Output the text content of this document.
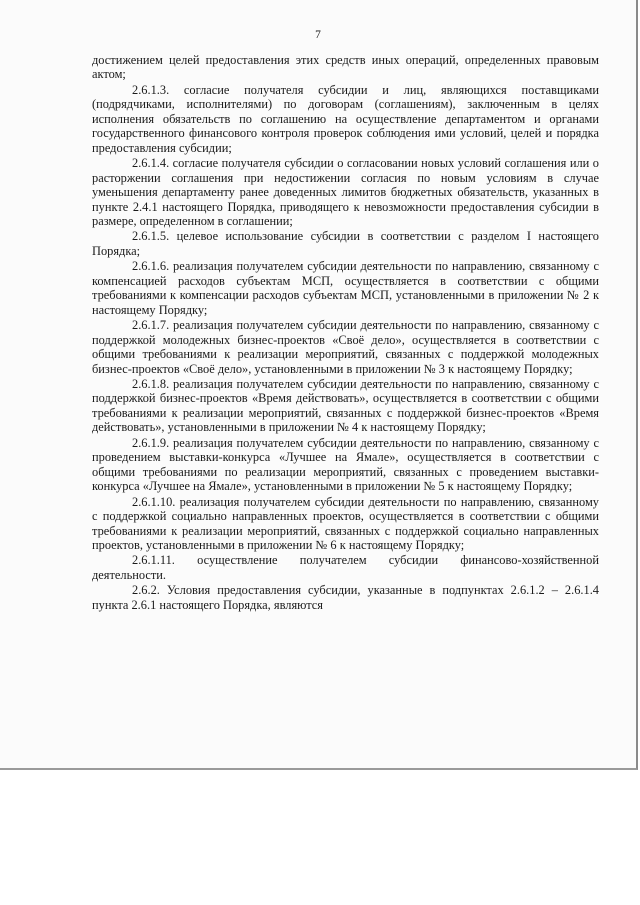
7

достижением целей предоставления этих средств иных операций, определенных правовым актом;

2.6.1.3. согласие получателя субсидии и лиц, являющихся поставщиками (подрядчиками, исполнителями) по договорам (соглашениям), заключенным в целях исполнения обязательств по соглашению на осуществление департаментом и органами государственного финансового контроля проверок соблюдения ими условий, целей и порядка предоставления субсидии;

2.6.1.4. согласие получателя субсидии о согласовании новых условий соглашения или о расторжении соглашения при недостижении согласия по новым условиям в случае уменьшения департаменту ранее доведенных лимитов бюджетных обязательств, указанных в пункте 2.4.1 настоящего Порядка, приводящего к невозможности предоставления субсидии в размере, определенном в соглашении;

2.6.1.5. целевое использование субсидии в соответствии с разделом I настоящего Порядка;

2.6.1.6. реализация получателем субсидии деятельности по направлению, связанному с компенсацией расходов субъектам МСП, осуществляется в соответствии с общими требованиями к компенсации расходов субъектам МСП, установленными в приложении № 2 к настоящему Порядку;

2.6.1.7. реализация получателем субсидии деятельности по направлению, связанному с поддержкой молодежных бизнес-проектов «Своё дело», осуществляется в соответствии с общими требованиями к реализации мероприятий, связанных с поддержкой молодежных бизнес-проектов «Своё дело», установленными в приложении № 3 к настоящему Порядку;

2.6.1.8. реализация получателем субсидии деятельности по направлению, связанному с поддержкой бизнес-проектов «Время действовать», осуществляется в соответствии с общими требованиями к реализации мероприятий, связанных с поддержкой бизнес-проектов «Время действовать», установленными в приложении № 4 к настоящему Порядку;

2.6.1.9. реализация получателем субсидии деятельности по направлению, связанному с проведением выставки-конкурса «Лучшее на Ямале», осуществляется в соответствии с общими требованиями по реализации мероприятий, связанных с проведением выставки-конкурса «Лучшее на Ямале», установленными в приложении № 5 к настоящему Порядку;

2.6.1.10. реализация получателем субсидии деятельности по направлению, связанному с поддержкой социально направленных проектов, осуществляется в соответствии с общими требованиями к реализации мероприятий, связанных с поддержкой социально направленных проектов, установленными в приложении № 6 к настоящему Порядку;

2.6.1.11. осуществление получателем субсидии финансово-хозяйственной деятельности.

2.6.2. Условия предоставления субсидии, указанные в подпунктах 2.6.1.2 – 2.6.1.4 пункта 2.6.1 настоящего Порядка, являются
